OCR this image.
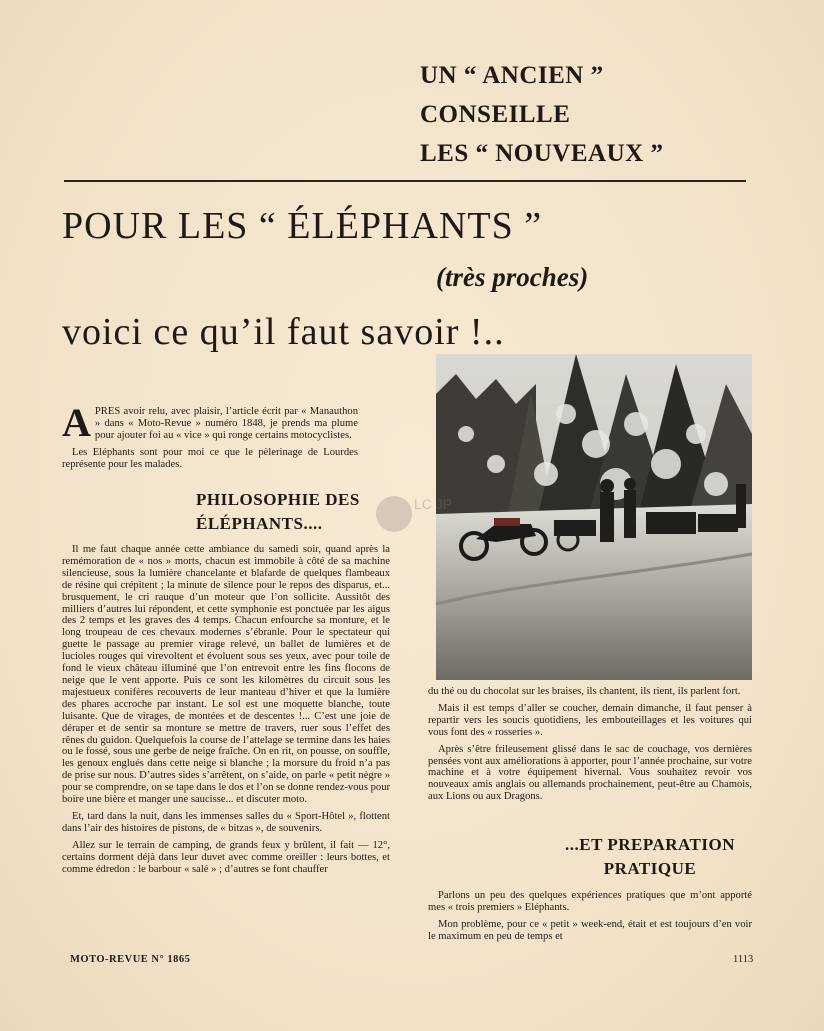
UN “ ANCIEN ”
CONSEILLE
LES “ NOUVEAUX ”
POUR LES “ ÉLÉPHANTS ”
(très proches)
voici ce qu’il faut savoir !..

APRES avoir relu, avec plaisir, l’article écrit par « Manauthon » dans « Moto-Revue » numéro 1848, je prends ma plume pour ajouter foi au « vice » qui ronge certains motocyclistes.

Les Eléphants sont pour moi ce que le pèlerinage de Lourdes représente pour les malades.

PHILOSOPHIE DES ÉLÉPHANTS....
LC JP

Il me faut chaque année cette ambiance du samedi soir, quand après la remémoration de « nos » morts, chacun est immobile à côté de sa machine silencieuse, sous la lumière chancelante et blafarde de quelques flambeaux de résine qui crépitent ; la minute de silence pour le repos des disparus, et... brusquement, le cri rauque d’un moteur que l’on sollicite. Aussitôt des milliers d’autres lui répondent, et cette symphonie est ponctuée par les aigus des 2 temps et les graves des 4 temps. Chacun enfourche sa monture, et le long troupeau de ces chevaux modernes s’ébranle. Pour le spectateur qui guette le passage au premier virage relevé, un ballet de lumières et de lucioles rouges qui virevoltent et évoluent sous ses yeux, avec pour toile de fond le vieux château illuminé que l’on entrevoit entre les fins flocons de neige que le vent apporte. Puis ce sont les kilomètres du circuit sous les majestueux conifères recouverts de leur manteau d’hiver et que la lumière des phares accroche par instant. Le sol est une moquette blanche, toute luisante. Que de virages, de montées et de descentes !... C’est une joie de déraper et de sentir sa monture se mettre de travers, ruer sous l’effet des rênes du guidon. Quelquefois la course de l’attelage se termine dans les haies ou le fossé, sous une gerbe de neige fraîche. On en rit, on pousse, on souffle, les genoux englués dans cette neige si blanche ; la morsure du froid n’a pas de prise sur nous. D’autres sides s’arrêtent, on s’aide, on parle « petit nègre » pour se comprendre, on se tape dans le dos et l’on se donne rendez-vous pour boire une bière et manger une saucisse... et discuter moto.

Et, tard dans la nuit, dans les immenses salles du « Sport-Hôtel », flottent dans l’air des histoires de pistons, de « bitzas », de souvenirs.

Allez sur le terrain de camping, de grands feux y brûlent, il fait — 12°, certains dorment déjà dans leur duvet avec comme oreiller : leurs bottes, et comme édredon : le barbour « salé » ; d’autres se font chauffer

du thé ou du chocolat sur les braises, ils chantent, ils rient, ils parlent fort.

Mais il est temps d’aller se coucher, demain dimanche, il faut penser à repartir vers les soucis quotidiens, les embouteillages et les voitures qui vous font des « rosseries ».

Après s’être frileusement glissé dans le sac de couchage, vos dernières pensées vont aux améliorations à apporter, pour l’année prochaine, sur votre machine et à votre équipement hivernal. Vous souhaitez revoir vos nouveaux amis anglais ou allemands prochainement, peut-être au Chamois, aux Lions ou aux Dragons.

...ET PREPARATION PRATIQUE

Parlons un peu des quelques expériences pratiques que m’ont apporté mes « trois premiers » Eléphants.

Mon problème, pour ce « petit » week-end, était et est toujours d’en voir le maximum en peu de temps et

MOTO-REVUE N° 1865	1113
